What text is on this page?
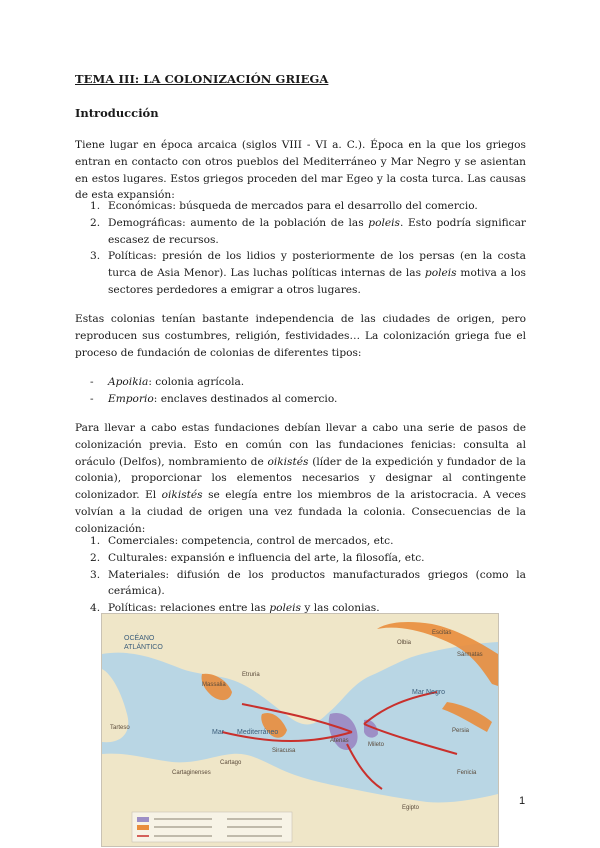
TEMA III: LA COLONIZACIÓN GRIEGA
Introducción

Tiene lugar en época arcaica (siglos VIII - VI a. C.). Época en la que los griegos entran en contacto con otros pueblos del Mediterráneo y Mar Negro y se asientan en estos lugares. Estos griegos proceden del mar Egeo y la costa turca. Las causas de esta expansión:

1. Económicas: búsqueda de mercados para el desarrollo del comercio.
2. Demográficas: aumento de la población de las poleis. Esto podría significar escasez de recursos.
3. Políticas: presión de los lidios y posteriormente de los persas (en la costa turca de Asia Menor). Las luchas políticas internas de las poleis motiva a los sectores perdedores a emigrar a otros lugares.

Estas colonias tenían bastante independencia de las ciudades de origen, pero reproducen sus costumbres, religión, festividades… La colonización griega fue el proceso de fundación de colonias de diferentes tipos:

- Apoikia: colonia agrícola.
- Emporio: enclaves destinados al comercio.

Para llevar a cabo estas fundaciones debían llevar a cabo una serie de pasos de colonización previa. Esto en común con las fundaciones fenicias: consulta al oráculo (Delfos), nombramiento de oikistés (líder de la expedición y fundador de la colonia), proporcionar los elementos necesarios y designar al contingente colonizador. El oikistés se elegía entre los miembros de la aristocracia. A veces volvían a la ciudad de origen una vez fundada la colonia. Consecuencias de la colonización:

1. Comerciales: competencia, control de mercados, etc.
2. Culturales: expansión e influencia del arte, la filosofía, etc.
3. Materiales: difusión de los productos manufacturados griegos (como la cerámica).
4. Políticas: relaciones entre las poleis y las colonias.
OCÉANO
ATLÁNTICO
Mar Mediterráneo
Mar Negro
Olbia
Sármatas
Persia
Escitas
Fenicia
Egipto
Cartago
Cartaginenses
Etruria
Massalia
Tarteso
Siracusa
Mileto
Atenas
1
